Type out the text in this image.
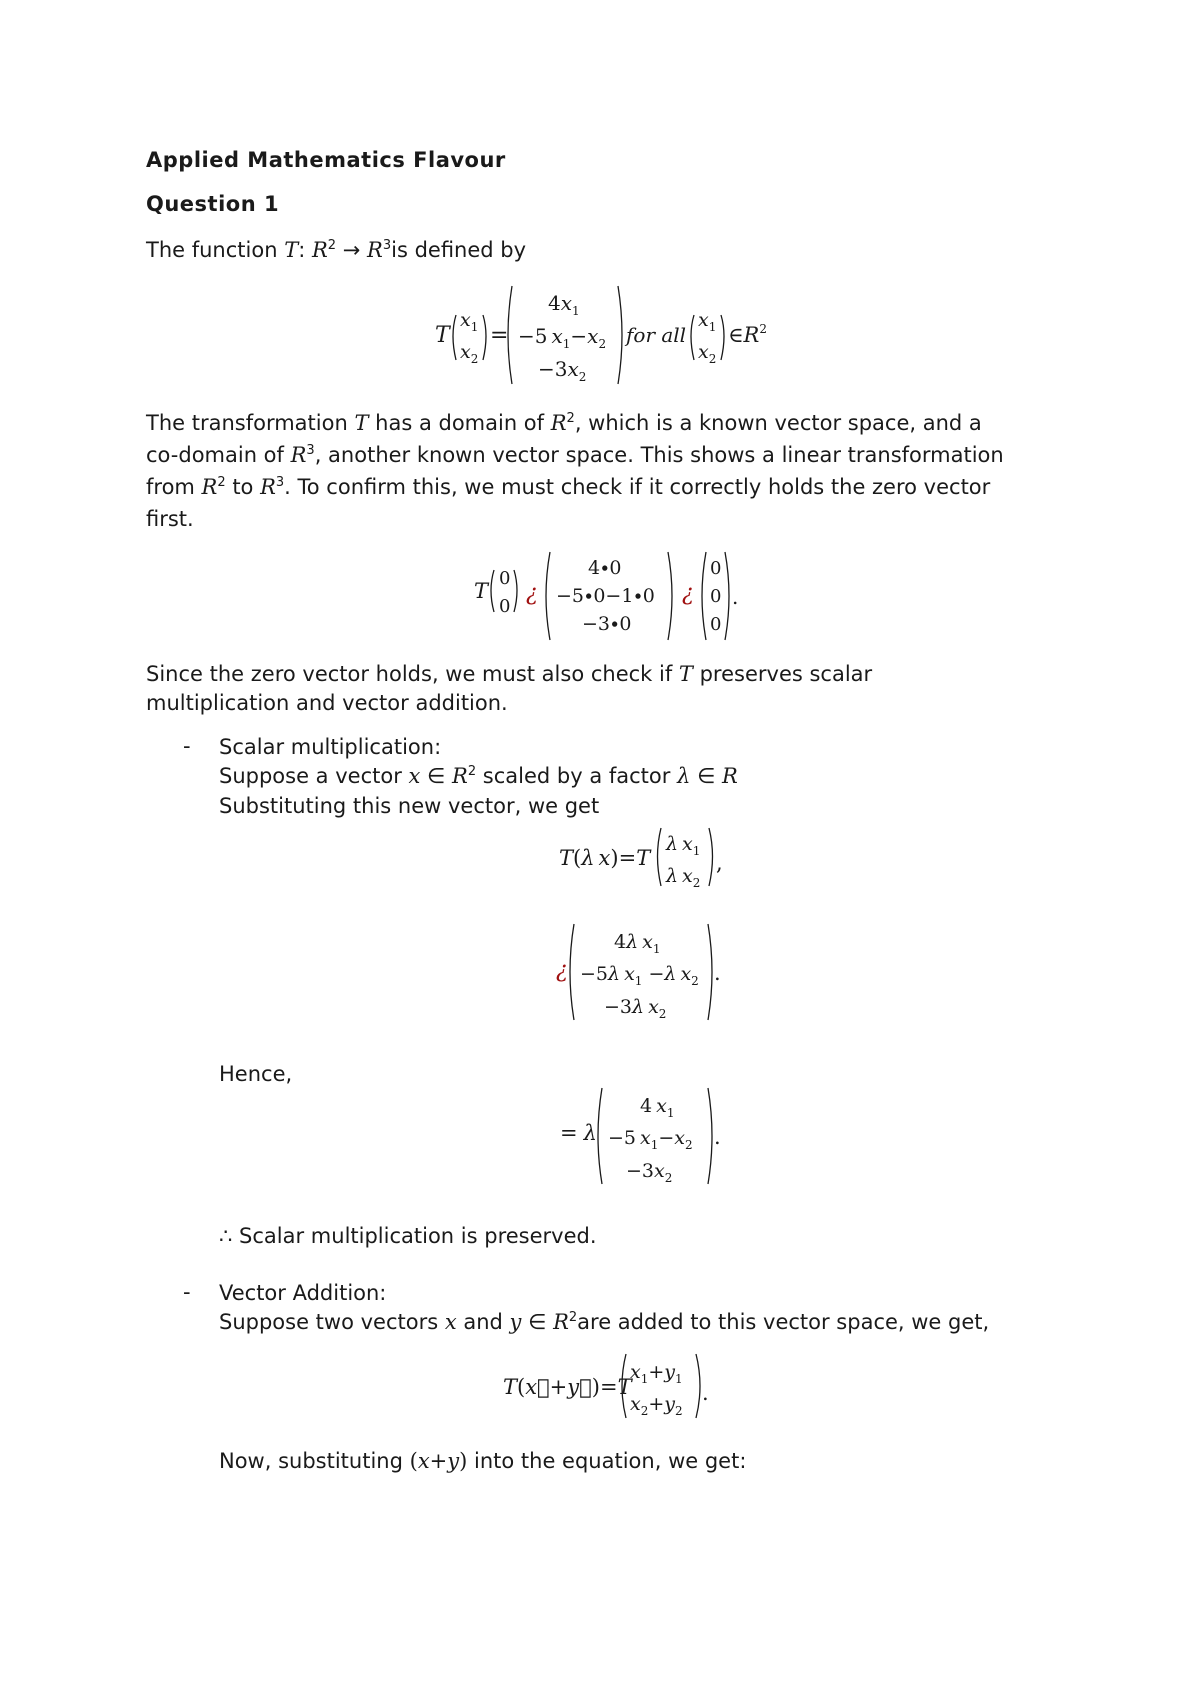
Applied Mathematics Flavour
Question 1
The function T: $R^2 \to R^3is$ defined by
T
$x_1$
$x_2$
=
$4x_1$
−5 $x_1-x_2$
$-3x_2$
for all
$x_1$
$x_2$
$\in R^2$
The transformation T has a domain of $R^2$, which is a known vector space, and a
co-domain of $R^3$, another known vector space. This shows a linear transformation
from $R^2$ to $R^3$. To confirm this, we must check if it correctly holds the zero vector
first.
T
0
0
¿
4∙0
−5∙0−1∙0
−3∙0
¿
0
0
0
.
Since the zero vector holds, we must also check if T preserves scalar
multiplication and vector addition.
- Scalar multiplication:
Suppose a vector x ∈ $R^2$ scaled by a factor λ ∈ R
Substituting this new vector, we get
T(λ x)=T
λ $x_1$
λ $x_2$
,
¿
4λ $x_1$
−5λ $x_1 -\lambda$ $x_2$
−3λ $x_2$
.
Hence,
= λ
4 $x_1$
−5 $x_1-x_2$
$-3x_2$
.
∴ Scalar multiplication is preserved.
- Vector Addition:
Suppose two vectors x and y ∈ $R^2are$ added to this vector space, we get,
T(x⃗+y⃗)=T
$x_1+y_1$
$x_2+y_2$
.
Now, substituting (x+y) into the equation, we get:
